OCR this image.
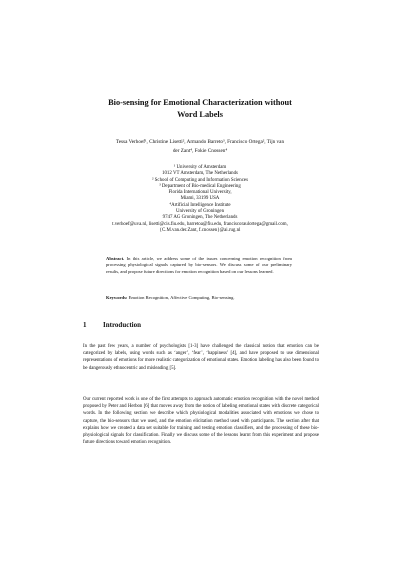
Bio-sensing for Emotional Characterization without
Word Labels
Tessa Verhoef¹, Christine Lisetti², Armando Barreto³, Francisco Ortega², Tijn van
der Zant⁴, Fokie Cnossen⁴
¹ University of Amsterdam
1012 VT Amsterdam, The Netherlands
² School of Computing and Information Sciences
³ Department of Bio-medical Engineering
Florida International University,
Miami, 33199 USA
⁴Artificial Intelligence Institute
University of Groningen
9747 AG Groningen, The Netherlands
t.verhoef@uva.nl, lisetti@cis.fiu.edu, barretoa@fiu.edu, franciscoraulortega@gmail.com,
{C.M.van.der.Zant, f.cnossen}@ai.rug.nl
Abstract. In this article, we address some of the issues concerning emotion recognition from processing physiological signals captured by bio-sensors. We discuss some of our preliminary results, and propose future directions for emotion recognition based on our lessons learned.
Keywords: Emotion Recognition, Affective Computing, Bio-sensing.
1 Introduction
In the past few years, a number of psychologists [1-3] have challenged the classical notion that emotion can be categorized by labels, using words such as ‘anger’, ‘fear’, ‘happiness’ [4], and have proposed to use dimensional representations of emotions for more realistic categorization of emotional states. Emotion labeling has also been found to be dangerously ethnocentric and misleading [5].
Our current reported work is one of the first attempts to approach automatic emotion recognition with the novel method proposed by Peter and Herbon [6] that moves away from the notion of labeling emotional states with discrete categorical words. In the following section we describe which physiological modalities associated with emotions we chose to capture, the bio-sensors that we used, and the emotion elicitation method used with participants. The section after that explains how we created a data set suitable for training and testing emotion classifiers, and the processing of these bio-physiological signals for classification. Finally we discuss some of the lessons learnt from this experiment and propose future directions toward emotion recognition.
